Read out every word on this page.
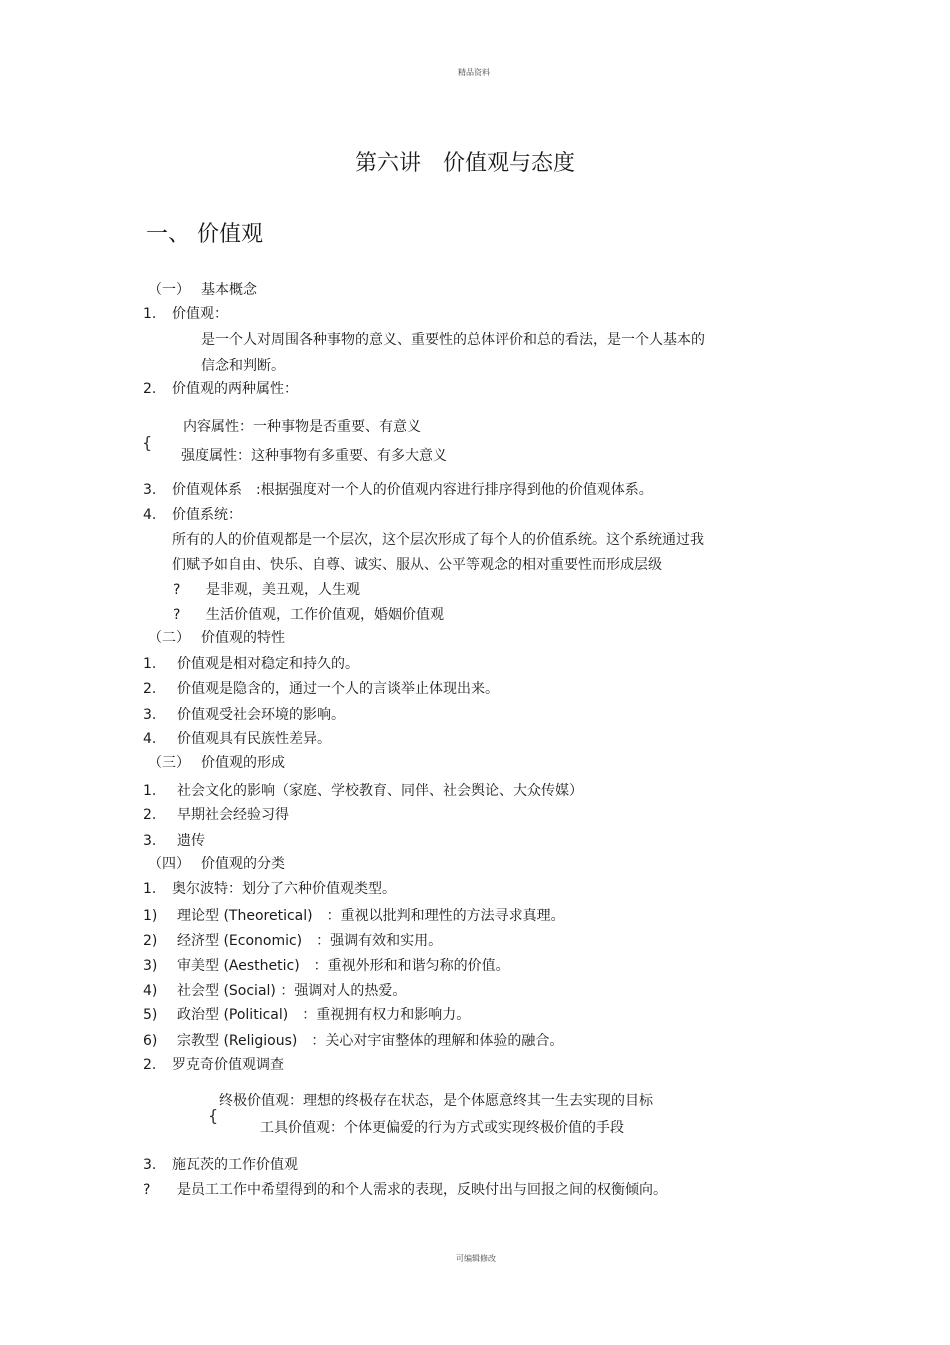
精品资料
第六讲　价值观与态度
一、 价值观
（一） 基本概念
1. 价值观：
是一个人对周围各种事物的意义、重要性的总体评价和总的看法，是一个人基本的
信念和判断。
2. 价值观的两种属性：
{
内容属性：一种事物是否重要、有意义
强度属性：这种事物有多重要、有多大意义
3. 价值观体系　:根据强度对一个人的价值观内容进行排序得到他的价值观体系。
4. 价值系统：
所有的人的价值观都是一个层次，这个层次形成了每个人的价值系统。这个系统通过我
们赋予如自由、快乐、自尊、诚实、服从、公平等观念的相对重要性而形成层级
? 是非观，美丑观，人生观
? 生活价值观，工作价值观，婚姻价值观
（二） 价值观的特性
1. 价值观是相对稳定和持久的。
2. 价值观是隐含的，通过一个人的言谈举止体现出来。
3. 价值观受社会环境的影响。
4. 价值观具有民族性差异。
（三） 价值观的形成
1. 社会文化的影响（家庭、学校教育、同伴、社会舆论、大众传媒）
2. 早期社会经验习得
3. 遗传
（四） 价值观的分类
1. 奥尔波特：划分了六种价值观类型。
1) 理论型 (Theoretical)　：重视以批判和理性的方法寻求真理。
2) 经济型 (Economic)　：强调有效和实用。
3) 审美型 (Aesthetic)　：重视外形和和谐匀称的价值。
4) 社会型 (Social) ：强调对人的热爱。
5) 政治型 (Political)　：重视拥有权力和影响力。
6) 宗教型 (Religious)　：关心对宇宙整体的理解和体验的融合。
2. 罗克奇价值观调查
{
终极价值观：理想的终极存在状态，是个体愿意终其一生去实现的目标
工具价值观：个体更偏爱的行为方式或实现终极价值的手段
3. 施瓦茨的工作价值观
? 是员工工作中希望得到的和个人需求的表现，反映付出与回报之间的权衡倾向。
可编辑修改
